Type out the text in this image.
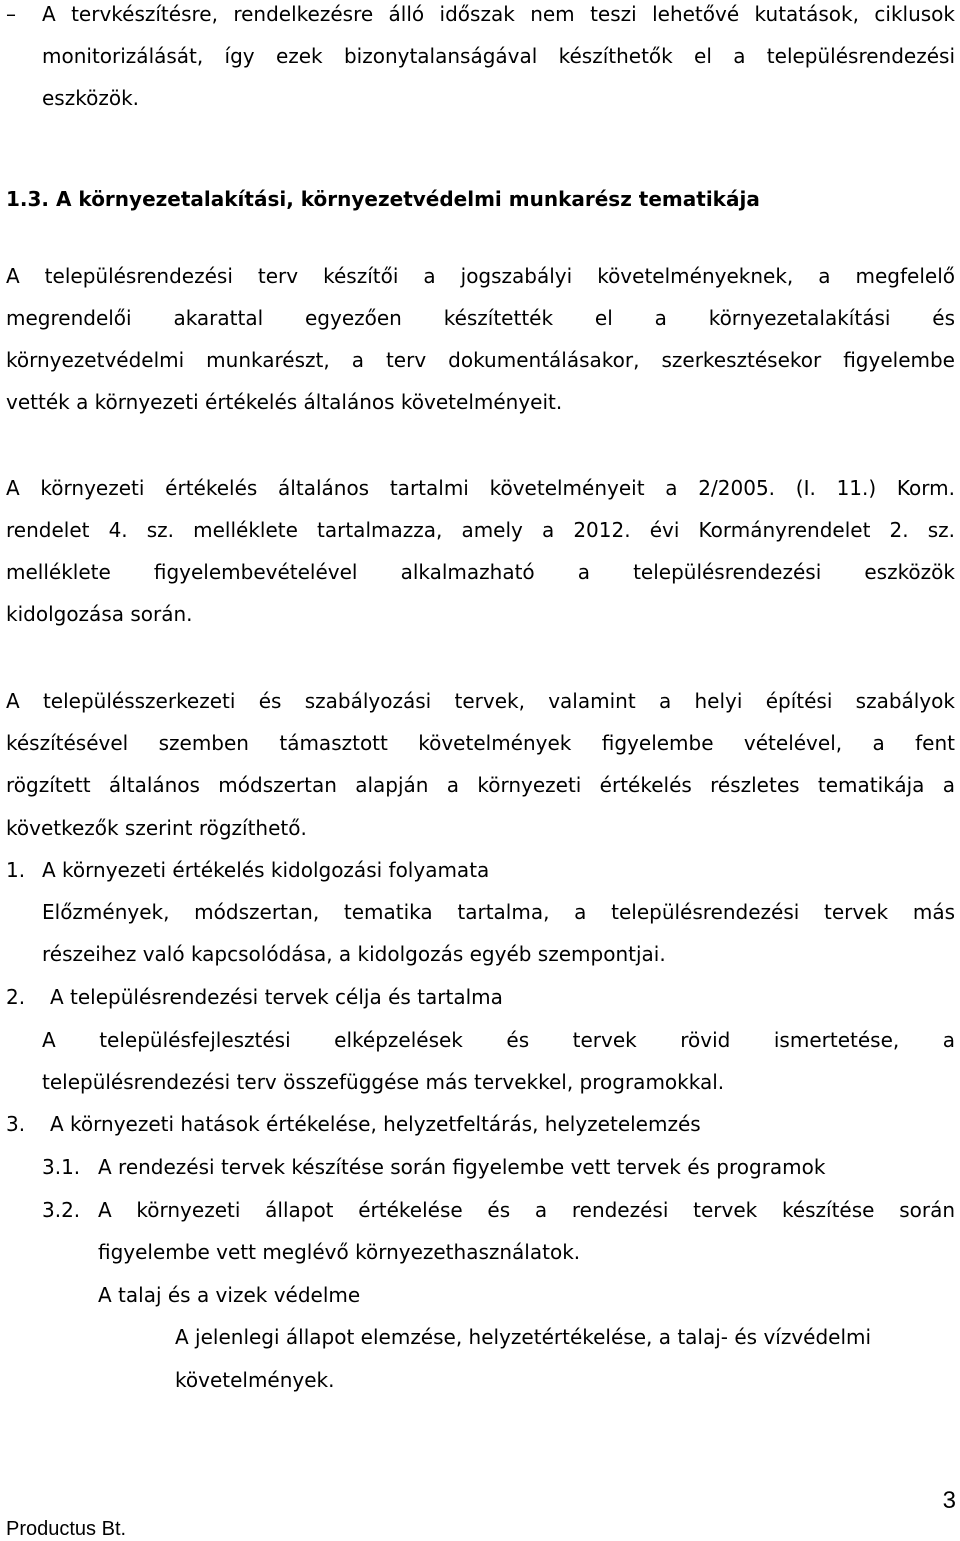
– A tervkészítésre, rendelkezésre álló időszak nem teszi lehetővé kutatások, ciklusok
monitorizálását, így ezek bizonytalanságával készíthetők el a településrendezési
eszközök.
1.3. A környezetalakítási, környezetvédelmi munkarész tematikája
A településrendezési terv készítői a jogszabályi követelményeknek, a megfelelő
megrendelői akarattal egyezően készítették el a környezetalakítási és
környezetvédelmi munkarészt, a terv dokumentálásakor, szerkesztésekor figyelembe
vették a környezeti értékelés általános követelményeit.
A környezeti értékelés általános tartalmi követelményeit a 2/2005. (I. 11.) Korm.
rendelet 4. sz. melléklete tartalmazza, amely a 2012. évi Kormányrendelet 2. sz.
melléklete figyelembevételével alkalmazható a településrendezési eszközök
kidolgozása során.
A településszerkezeti és szabályozási tervek, valamint a helyi építési szabályok
készítésével szemben támasztott követelmények figyelembe vételével, a fent
rögzített általános módszertan alapján a környezeti értékelés részletes tematikája a
következők szerint rögzíthető.
1. A környezeti értékelés kidolgozási folyamata
Előzmények, módszertan, tematika tartalma, a településrendezési tervek más
részeihez való kapcsolódása, a kidolgozás egyéb szempontjai.
2. A településrendezési tervek célja és tartalma
A településfejlesztési elképzelések és tervek rövid ismertetése, a
településrendezési terv összefüggése más tervekkel, programokkal.
3. A környezeti hatások értékelése, helyzetfeltárás, helyzetelemzés
3.1. A rendezési tervek készítése során figyelembe vett tervek és programok
3.2. A környezeti állapot értékelése és a rendezési tervek készítése során
figyelembe vett meglévő környezethasználatok.
A talaj és a vizek védelme
A jelenlegi állapot elemzése, helyzetértékelése, a talaj- és vízvédelmi
követelmények.
Productus Bt.
3
